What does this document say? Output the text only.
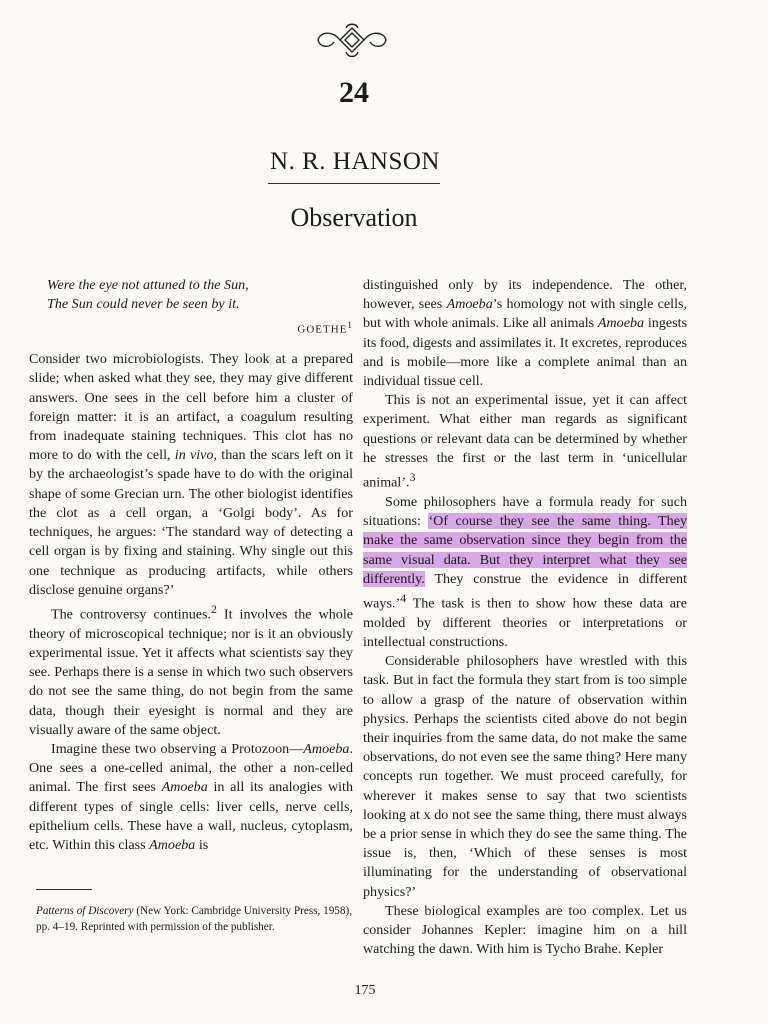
24
N. R. HANSON
Observation
Were the eye not attuned to the Sun,
The Sun could never be seen by it.
GOETHE$^1$

Consider two microbiologists. They look at a prepared slide; when asked what they see, they may give different answers. One sees in the cell before him a cluster of foreign matter: it is an artifact, a coagulum resulting from inadequate staining techniques. This clot has no more to do with the cell, in vivo, than the scars left on it by the archaeologist’s spade have to do with the original shape of some Grecian urn. The other biologist identifies the clot as a cell organ, a ‘Golgi body’. As for techniques, he argues: ‘The standard way of detecting a cell organ is by fixing and staining. Why single out this one technique as producing artifacts, while others disclose genuine organs?’

The controversy continues.$^2$ It involves the whole theory of microscopical technique; nor is it an obviously experimental issue. Yet it affects what scientists say they see. Perhaps there is a sense in which two such observers do not see the same thing, do not begin from the same data, though their eyesight is normal and they are visually aware of the same object.

Imagine these two observing a Protozoon—Amoeba. One sees a one-celled animal, the other a non-celled animal. The first sees Amoeba in all its analogies with different types of single cells: liver cells, nerve cells, epithelium cells. These have a wall, nucleus, cytoplasm, etc. Within this class Amoeba is

distinguished only by its independence. The other, however, sees Amoeba’s homology not with single cells, but with whole animals. Like all animals Amoeba ingests its food, digests and assimilates it. It excretes, reproduces and is mobile—more like a complete animal than an individual tissue cell.

This is not an experimental issue, yet it can affect experiment. What either man regards as significant questions or relevant data can be determined by whether he stresses the first or the last term in ‘unicellular animal’.$^3$

Some philosophers have a formula ready for such situations: ‘Of course they see the same thing. They make the same observation since they begin from the same visual data. But they interpret what they see differently. They construe the evidence in different ways.’$^4$ The task is then to show how these data are molded by different theories or interpretations or intellectual constructions.

Considerable philosophers have wrestled with this task. But in fact the formula they start from is too simple to allow a grasp of the nature of observation within physics. Perhaps the scientists cited above do not begin their inquiries from the same data, do not make the same observations, do not even see the same thing? Here many concepts run together. We must proceed carefully, for wherever it makes sense to say that two scientists looking at x do not see the same thing, there must always be a prior sense in which they do see the same thing. The issue is, then, ‘Which of these senses is most illuminating for the understanding of observational physics?’

These biological examples are too complex. Let us consider Johannes Kepler: imagine him on a hill watching the dawn. With him is Tycho Brahe. Kepler

Patterns of Discovery (New York: Cambridge University Press, 1958), pp. 4–19. Reprinted with permission of the publisher.
175
